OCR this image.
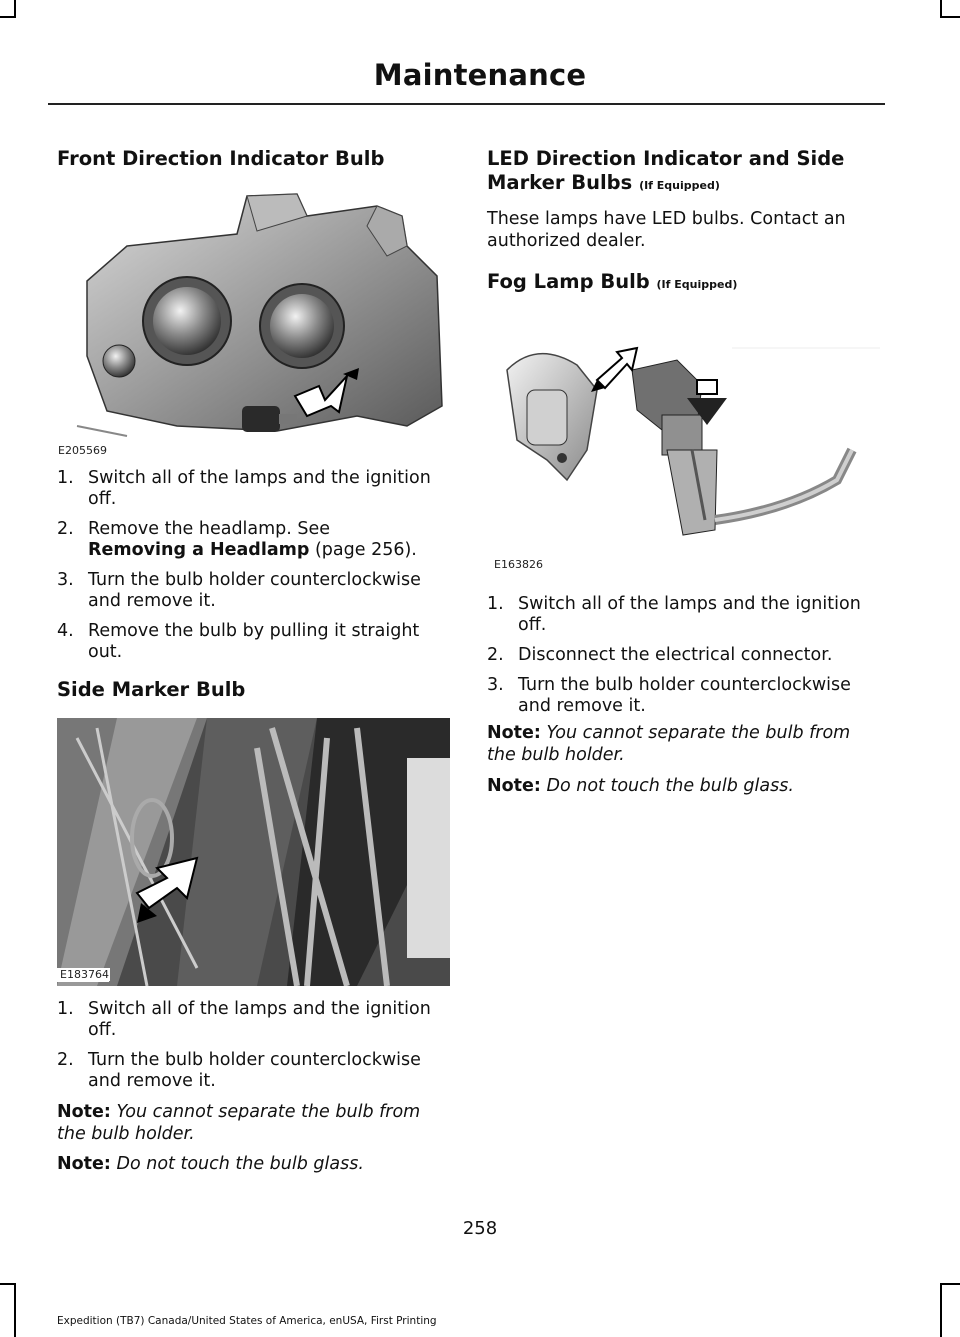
Maintenance
Front Direction Indicator Bulb
E205569
1. Switch all of the lamps and the ignition off.
2. Remove the headlamp. See
Removing a Headlamp (page 256).
3. Turn the bulb holder counterclockwise and remove it.
4. Remove the bulb by pulling it straight out.
Side Marker Bulb
E183764
1. Switch all of the lamps and the ignition off.
2. Turn the bulb holder counterclockwise and remove it.

Note: You cannot separate the bulb from the bulb holder.

Note: Do not touch the bulb glass.

LED Direction Indicator and Side Marker Bulbs (If Equipped)

These lamps have LED bulbs. Contact an authorized dealer.

Fog Lamp Bulb (If Equipped)
E163826
1. Switch all of the lamps and the ignition off.
2. Disconnect the electrical connector.
3. Turn the bulb holder counterclockwise and remove it.

Note: You cannot separate the bulb from the bulb holder.

Note: Do not touch the bulb glass.

258
Expedition (TB7) Canada/United States of America, enUSA, First Printing
